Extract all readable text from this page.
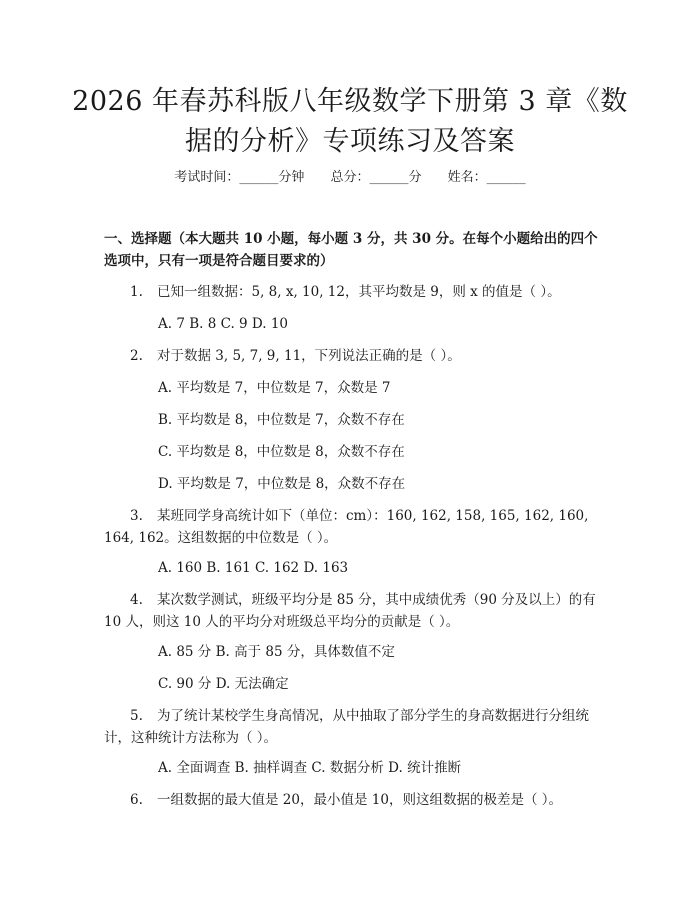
2026 年春苏科版八年级数学下册第 3 章《数
据的分析》专项练习及答案
考试时间：______分钟 总分：______分 姓名：______
一、选择题（本大题共 10 小题，每小题 3 分，共 30 分。在每个小题给出的四个
选项中，只有一项是符合题目要求的）
1. 已知一组数据：5, 8, x, 10, 12，其平均数是 9，则 x 的值是（ ）。
A. 7 B. 8 C. 9 D. 10
2. 对于数据 3, 5, 7, 9, 11，下列说法正确的是（ ）。
A. 平均数是 7，中位数是 7，众数是 7
B. 平均数是 8，中位数是 7，众数不存在
C. 平均数是 8，中位数是 8，众数不存在
D. 平均数是 7，中位数是 8，众数不存在
3. 某班同学身高统计如下（单位：cm）：160, 162, 158, 165, 162, 160,
164, 162。这组数据的中位数是（ ）。
A. 160 B. 161 C. 162 D. 163
4. 某次数学测试，班级平均分是 85 分，其中成绩优秀（90 分及以上）的有
10 人，则这 10 人的平均分对班级总平均分的贡献是（ ）。
A. 85 分 B. 高于 85 分，具体数值不定
C. 90 分 D. 无法确定
5. 为了统计某校学生身高情况，从中抽取了部分学生的身高数据进行分组统
计，这种统计方法称为（ ）。
A. 全面调查 B. 抽样调查 C. 数据分析 D. 统计推断
6. 一组数据的最大值是 20，最小值是 10，则这组数据的极差是（ ）。
